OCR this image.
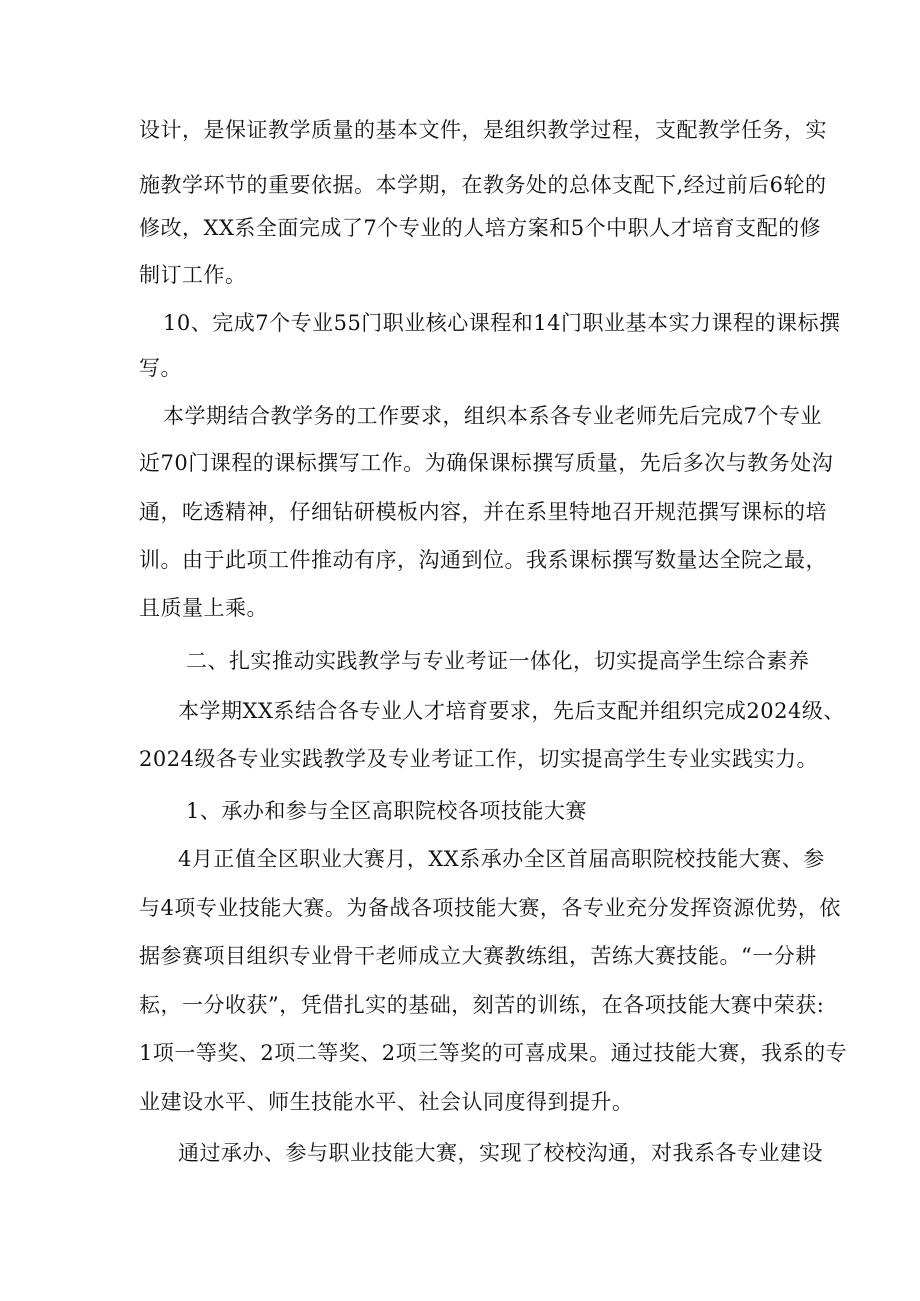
设计，是保证教学质量的基本文件，是组织教学过程，支配教学任务，实
施教学环节的重要依据。本学期，在教务处的总体支配下,经过前后6轮的
修改，XX系全面完成了7个专业的人培方案和5个中职人才培育支配的修
制订工作。
10、完成7个专业55门职业核心课程和14门职业基本实力课程的课标撰
写。
本学期结合教学务的工作要求，组织本系各专业老师先后完成7个专业
近70门课程的课标撰写工作。为确保课标撰写质量，先后多次与教务处沟
通，吃透精神，仔细钻研模板内容，并在系里特地召开规范撰写课标的培
训。由于此项工件推动有序，沟通到位。我系课标撰写数量达全院之最，
且质量上乘。
二、扎实推动实践教学与专业考证一体化，切实提高学生综合素养
本学期XX系结合各专业人才培育要求，先后支配并组织完成2024级、
2024级各专业实践教学及专业考证工作，切实提高学生专业实践实力。
1、承办和参与全区高职院校各项技能大赛
4月正值全区职业大赛月，XX系承办全区首届高职院校技能大赛、参
与4项专业技能大赛。为备战各项技能大赛，各专业充分发挥资源优势，依
据参赛项目组织专业骨干老师成立大赛教练组，苦练大赛技能。“一分耕
耘，一分收获”，凭借扎实的基础，刻苦的训练，在各项技能大赛中荣获:
1项一等奖、2项二等奖、2项三等奖的可喜成果。通过技能大赛，我系的专
业建设水平、师生技能水平、社会认同度得到提升。
通过承办、参与职业技能大赛，实现了校校沟通，对我系各专业建设
